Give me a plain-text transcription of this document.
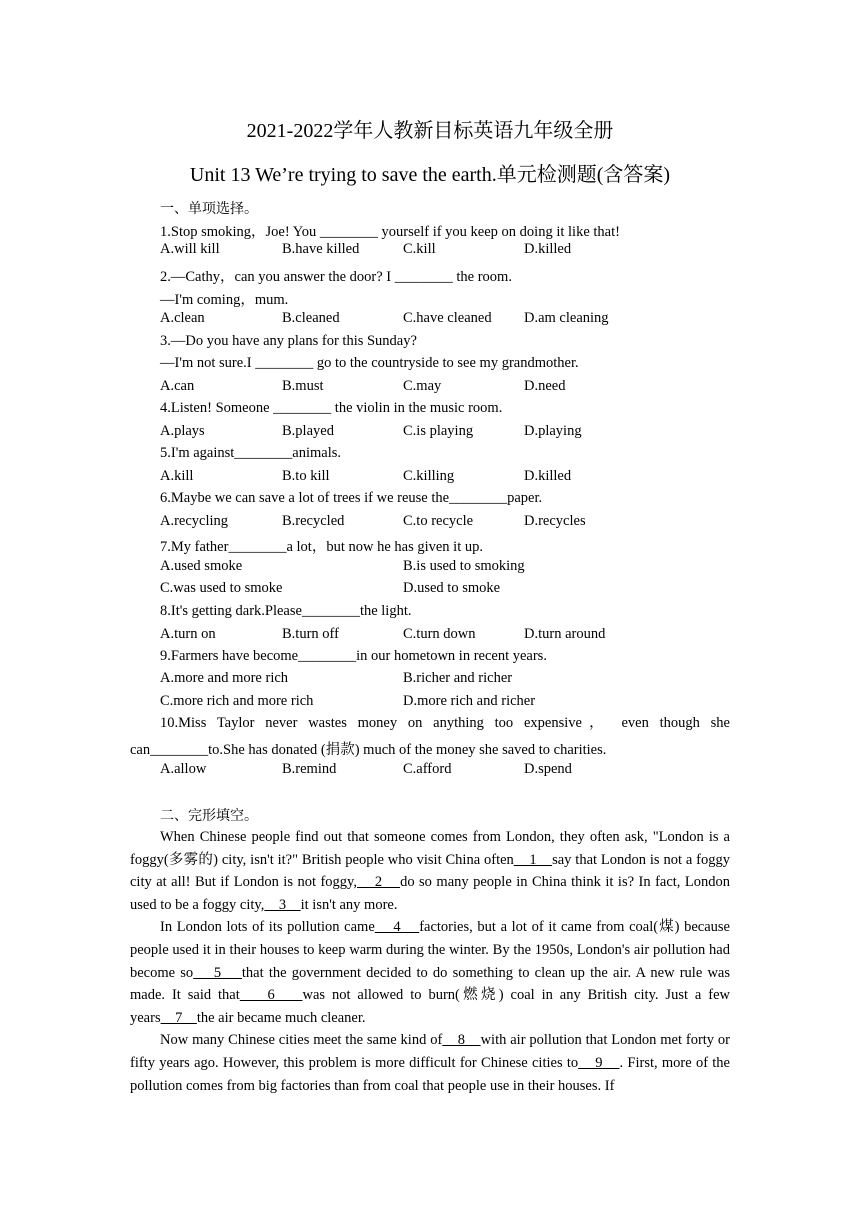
2021-2022学年人教新目标英语九年级全册
Unit 13 We’re trying to save the earth.单元检测题(含答案)
一、单项选择。
1.Stop smoking，Joe! You ________ yourself if you keep on doing it like that!
A.will kill	B.have killed	C.kill	D.killed
2.—Cathy，can you answer the door? I ________ the room.
—I'm coming，mum.
A.clean	B.cleaned	C.have cleaned D.am cleaning
3.—Do you have any plans for this Sunday?
—I'm not sure.I ________ go to the countryside to see my grandmother.
A.can	B.must	C.may	D.need
4.Listen! Someone ________ the violin in the music room.
A.plays	B.played	C.is playing	D.playing
5.I'm against________animals.
A.kill	B.to kill	C.killing	D.killed
6.Maybe we can save a lot of trees if we reuse the________paper.
A.recycling	B.recycled	C.to recycle	D.recycles
7.My father________a lot，but now he has given it up.
A.used smoke	B.is used to smoking
C.was used to smoke	D.used to smoke
8.It's getting dark.Please________the light.
A.turn on	B.turn off	C.turn down	D.turn around
9.Farmers have become________in our hometown in recent years.
A.more and more rich	B.richer and richer
C.more rich and more rich	D.more rich and richer
10.Miss Taylor never wastes money on anything too expensive， even though she
can________to.She has donated (捐款) much of the money she saved to charities.
A.allow	B.remind	C.afford	D.spend
二、完形填空。

When Chinese people find out that someone comes from London, they often ask, "London is a foggy(多雾的) city, isn't it?" British people who visit China often    1    say that London is not a foggy city at all! But if London is not foggy,    2    do so many people in China think it is? In fact, London used to be a foggy city,    3    it isn't any more.

In London lots of its pollution came    4    factories, but a lot of it came from coal(煤) because people used it in their houses to keep warm during the winter. By the 1950s, London's air pollution had become so    5    that the government decided to do something to clean up the air. A new rule was made. It said that    6    was not allowed to burn(燃烧) coal in any British city. Just a few years    7    the air became much cleaner.

Now many Chinese cities meet the same kind of    8    with air pollution that London met forty or fifty years ago. However, this problem is more difficult for Chinese cities to    9    . First, more of the pollution comes from big factories than from coal that people use in their houses. If
